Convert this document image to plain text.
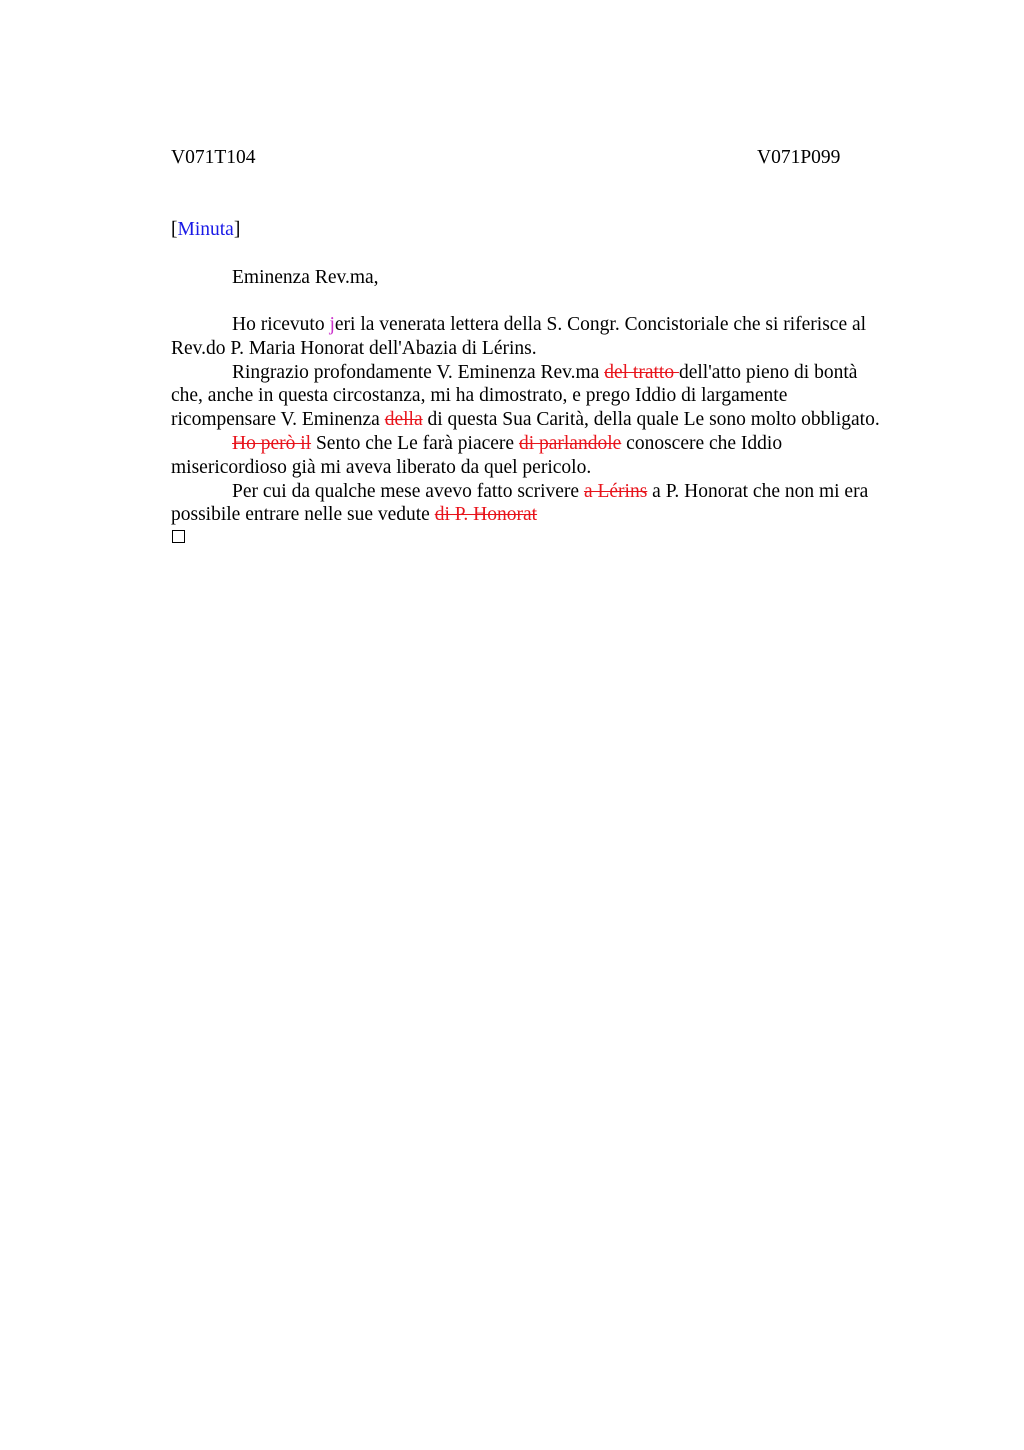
V071T104	V071P099
[Minuta]
Eminenza Rev.ma,
Ho ricevuto jeri la venerata lettera della S. Congr. Concistoriale che si riferisce al
Rev.do P. Maria Honorat dell'Abazia di Lérins.
Ringrazio profondamente V. Eminenza Rev.ma del tratto dell'atto pieno di bontà
che, anche in questa circostanza, mi ha dimostrato, e prego Iddio di largamente
ricompensare V. Eminenza della di questa Sua Carità, della quale Le sono molto obbligato.
Ho però il Sento che Le farà piacere di parlandole conoscere che Iddio
misericordioso già mi aveva liberato da quel pericolo.
Per cui da qualche mese avevo fatto scrivere a Lérins a P. Honorat che non mi era
possibile entrare nelle sue vedute di P. Honorat
